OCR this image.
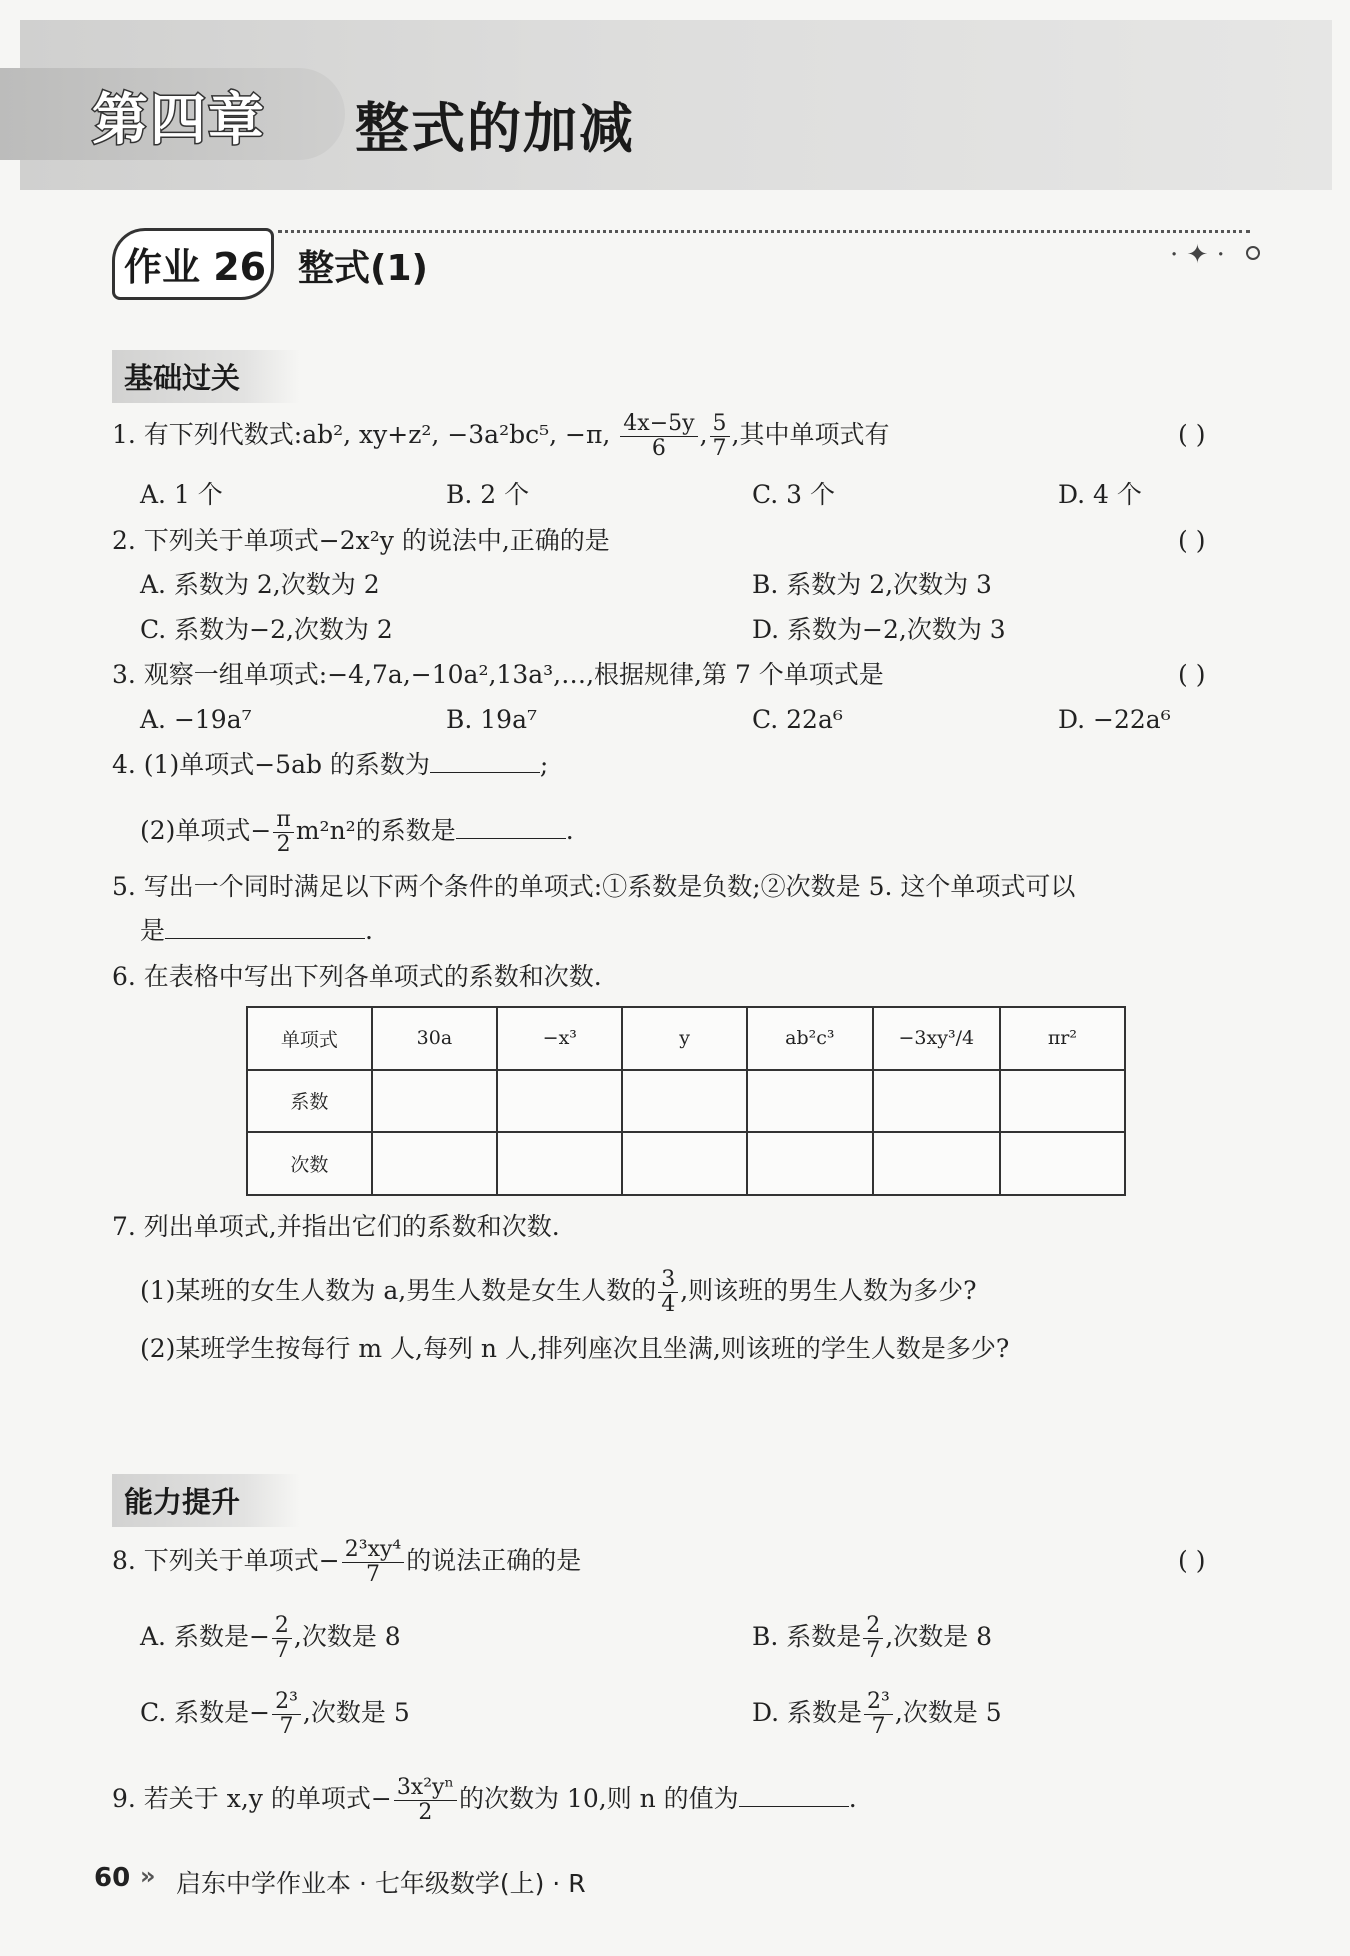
第四章 整式的加减
· ✦ ·
作业 26 整式(1)
基础过关
1. 有下列代数式:ab², xy+z², −3a²bc⁵, −π, $\frac{4x-5y}{6}$ , $\frac{5}{7}$ ,其中单项式有	( )
A. 1 个	B. 2 个	C. 3 个	D. 4 个
2. 下列关于单项式−2x²y 的说法中,正确的是	( )
A. 系数为 2,次数为 2	B. 系数为 2,次数为 3
C. 系数为−2,次数为 2	D. 系数为−2,次数为 3
3. 观察一组单项式:−4,7a,−10a²,13a³,…,根据规律,第 7 个单项式是	( )
A. −19a⁷	B. 19a⁷	C. 22a⁶	D. −22a⁶
4. (1)单项式−5ab 的系数为	;
(2)单项式− $\frac{\pi}{2} m^2n^2$的系数是	.
5. 写出一个同时满足以下两个条件的单项式:①系数是负数;②次数是 5. 这个单项式可以
是	.
6. 在表格中写出下列各单项式的系数和次数.
单项式	30a	−x³	y	ab²c³	−3xy³/4	πr²
系数						
次数						
7. 列出单项式,并指出它们的系数和次数.
(1)某班的女生人数为 a,男生人数是女生人数的 $\frac{3}{4}$ ,则该班的男生人数为多少?
(2)某班学生按每行 m 人,每列 n 人,排列座次且坐满,则该班的学生人数是多少?
能力提升
8. 下列关于单项式− $\frac{\text{2³xy⁴}}{7}$ 的说法正确的是	( )
A. 系数是− $\frac{2}{7}$ ,次数是 8	B. 系数是 $\frac{2}{7}$ ,次数是 8
C. 系数是− $\frac{\text{2³}}{7}$ ,次数是 5	D. 系数是 $\frac{\text{2³}}{7}$ ,次数是 5
9. 若关于 x,y 的单项式− $\frac{\text{3x²yⁿ}}{2}$ 的次数为 10,则 n 的值为	.
60 » 启东中学作业本 · 七年级数学(上) · R
